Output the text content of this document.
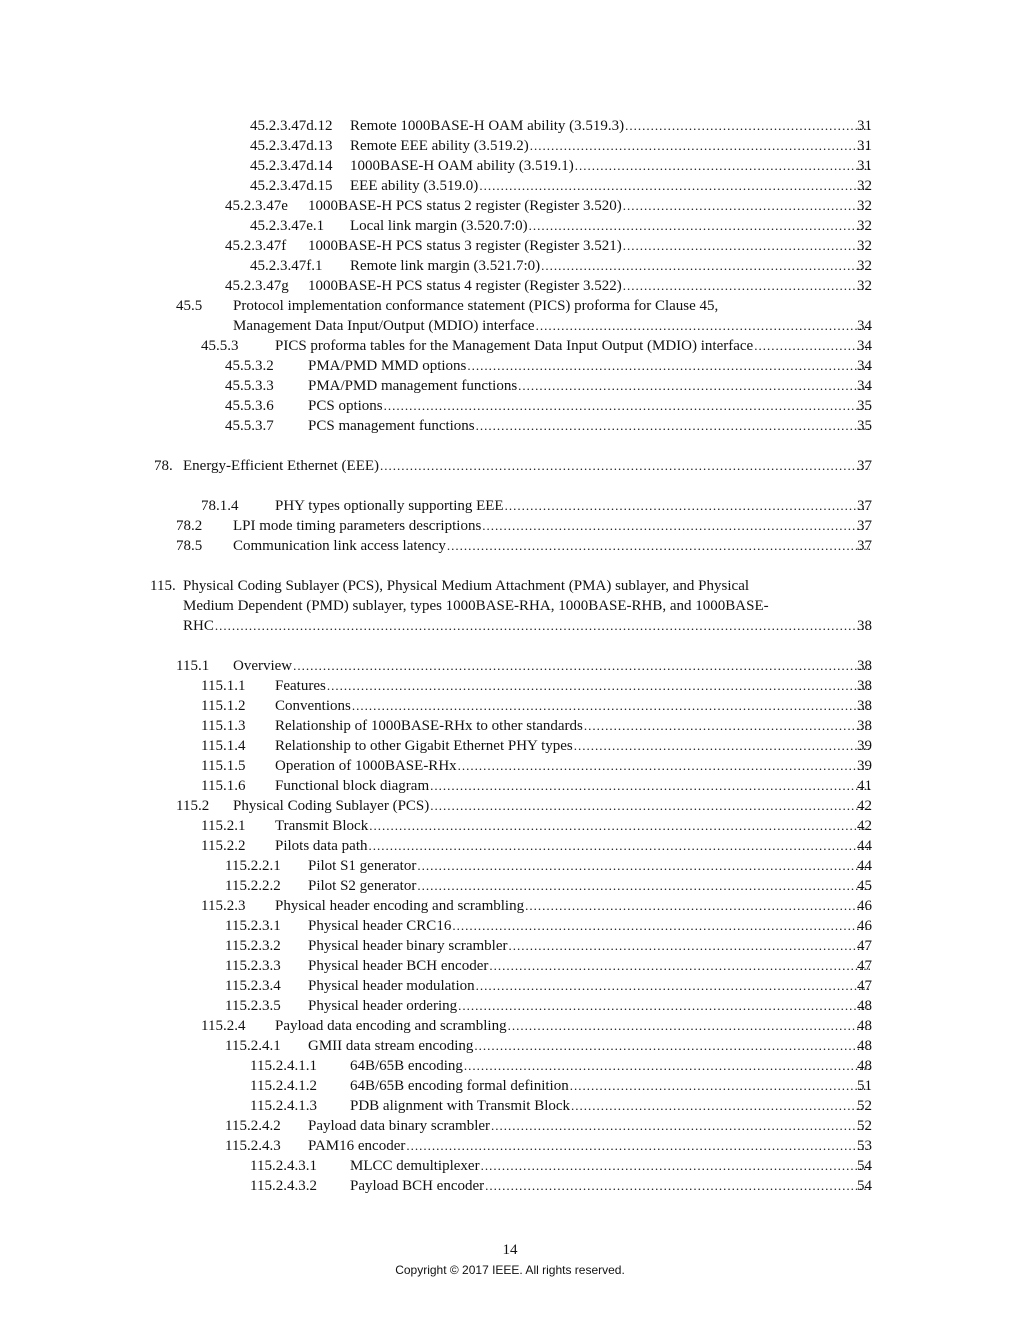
45.2.3.47d.12 Remote 1000BASE-H OAM ability (3.519.3) .....	31
45.2.3.47d.13 Remote EEE ability (3.519.2) .....	31
45.2.3.47d.14 1000BASE-H OAM ability (3.519.1) .....	31
45.2.3.47d.15 EEE ability (3.519.0) .....	32
45.2.3.47e 1000BASE-H PCS status 2 register (Register 3.520) .....	32
45.2.3.47e.1 Local link margin (3.520.7:0) .....	32
45.2.3.47f 1000BASE-H PCS status 3 register (Register 3.521) .....	32
45.2.3.47f.1 Remote link margin (3.521.7:0) .....	32
45.2.3.47g 1000BASE-H PCS status 4 register (Register 3.522) .....	32
45.5 Protocol implementation conformance statement (PICS) proforma for Clause 45,
Management Data Input/Output (MDIO) interface .....	34
45.5.3 PICS proforma tables for the Management Data Input Output (MDIO) interface .....	34
45.5.3.2 PMA/PMD MMD options .....	34
45.5.3.3 PMA/PMD management functions .....	34
45.5.3.6 PCS options .....	35
45.5.3.7 PCS management functions .....	35
78. Energy-Efficient Ethernet (EEE) .....	37
78.1.4 PHY types optionally supporting EEE .....	37
78.2 LPI mode timing parameters descriptions .....	37
78.5 Communication link access latency .....	37
115. Physical Coding Sublayer (PCS), Physical Medium Attachment (PMA) sublayer, and Physical
Medium Dependent (PMD) sublayer, types 1000BASE-RHA, 1000BASE-RHB, and 1000BASE-
RHC .....	38
115.1 Overview .....	38
115.1.1 Features .....	38
115.1.2 Conventions .....	38
115.1.3 Relationship of 1000BASE-RHx to other standards .....	38
115.1.4 Relationship to other Gigabit Ethernet PHY types .....	39
115.1.5 Operation of 1000BASE-RHx .....	39
115.1.6 Functional block diagram .....	41
115.2 Physical Coding Sublayer (PCS) .....	42
115.2.1 Transmit Block .....	42
115.2.2 Pilots data path .....	44
115.2.2.1 Pilot S1 generator .....	44
115.2.2.2 Pilot S2 generator .....	45
115.2.3 Physical header encoding and scrambling .....	46
115.2.3.1 Physical header CRC16 .....	46
115.2.3.2 Physical header binary scrambler .....	47
115.2.3.3 Physical header BCH encoder .....	47
115.2.3.4 Physical header modulation .....	47
115.2.3.5 Physical header ordering .....	48
115.2.4 Payload data encoding and scrambling .....	48
115.2.4.1 GMII data stream encoding .....	48
115.2.4.1.1 64B/65B encoding .....	48
115.2.4.1.2 64B/65B encoding formal definition .....	51
115.2.4.1.3 PDB alignment with Transmit Block .....	52
115.2.4.2 Payload data binary scrambler .....	52
115.2.4.3 PAM16 encoder .....	53
115.2.4.3.1 MLCC demultiplexer .....	54
115.2.4.3.2 Payload BCH encoder .....	54
14
Copyright © 2017 IEEE. All rights reserved.
